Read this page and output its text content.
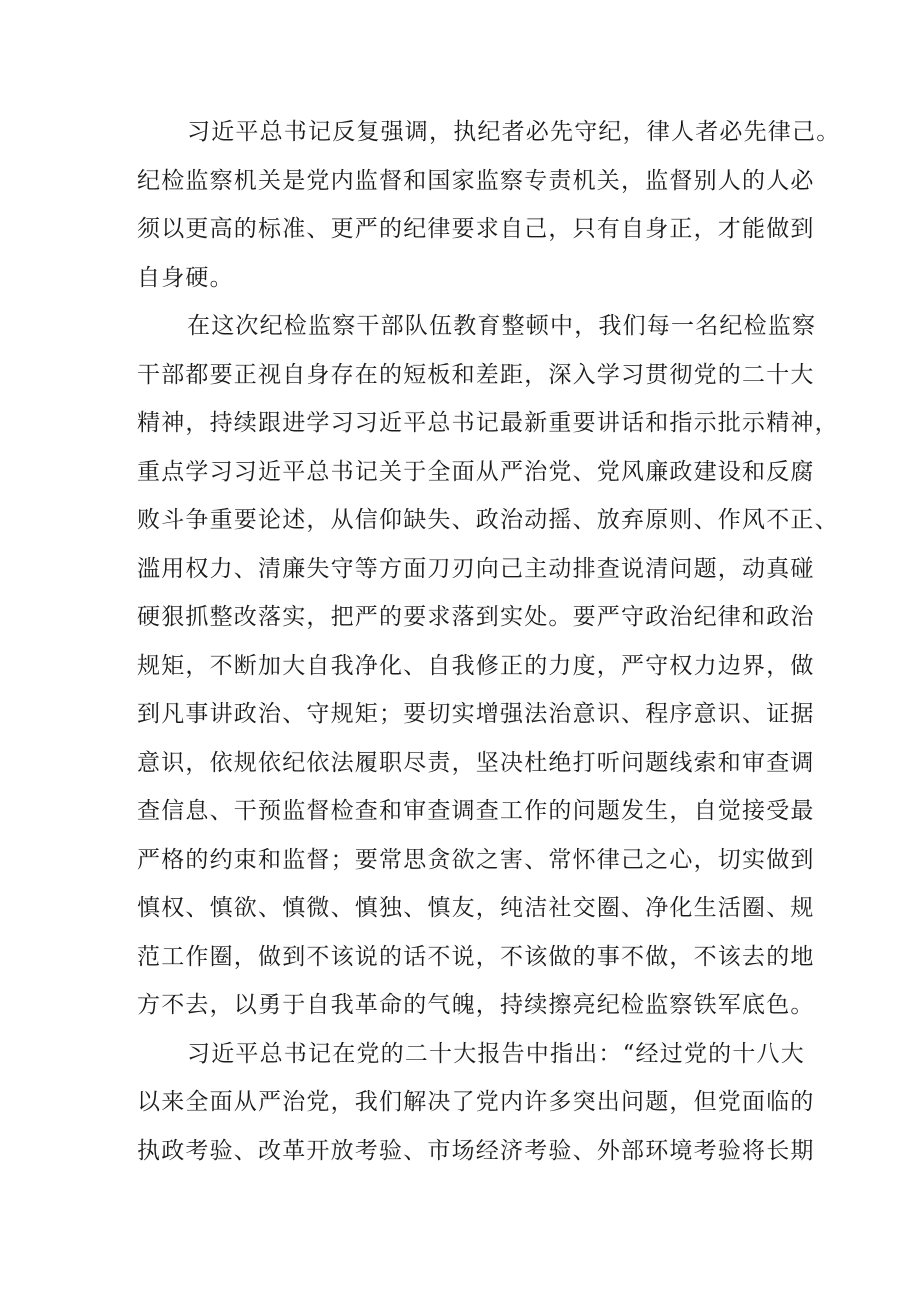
习近平总书记反复强调，执纪者必先守纪，律人者必先律己。
纪检监察机关是党内监督和国家监察专责机关，监督别人的人必
须以更高的标准、更严的纪律要求自己，只有自身正，才能做到
自身硬。
在这次纪检监察干部队伍教育整顿中，我们每一名纪检监察
干部都要正视自身存在的短板和差距，深入学习贯彻党的二十大
精神，持续跟进学习习近平总书记最新重要讲话和指示批示精神，
重点学习习近平总书记关于全面从严治党、党风廉政建设和反腐
败斗争重要论述，从信仰缺失、政治动摇、放弃原则、作风不正、
滥用权力、清廉失守等方面刀刃向己主动排查说清问题，动真碰
硬狠抓整改落实，把严的要求落到实处。要严守政治纪律和政治
规矩，不断加大自我净化、自我修正的力度，严守权力边界，做
到凡事讲政治、守规矩；要切实增强法治意识、程序意识、证据
意识，依规依纪依法履职尽责，坚决杜绝打听问题线索和审查调
查信息、干预监督检查和审查调查工作的问题发生，自觉接受最
严格的约束和监督；要常思贪欲之害、常怀律己之心，切实做到
慎权、慎欲、慎微、慎独、慎友，纯洁社交圈、净化生活圈、规
范工作圈，做到不该说的话不说，不该做的事不做，不该去的地
方不去，以勇于自我革命的气魄，持续擦亮纪检监察铁军底色。
习近平总书记在党的二十大报告中指出：“经过党的十八大
以来全面从严治党，我们解决了党内许多突出问题，但党面临的
执政考验、改革开放考验、市场经济考验、外部环境考验将长期
